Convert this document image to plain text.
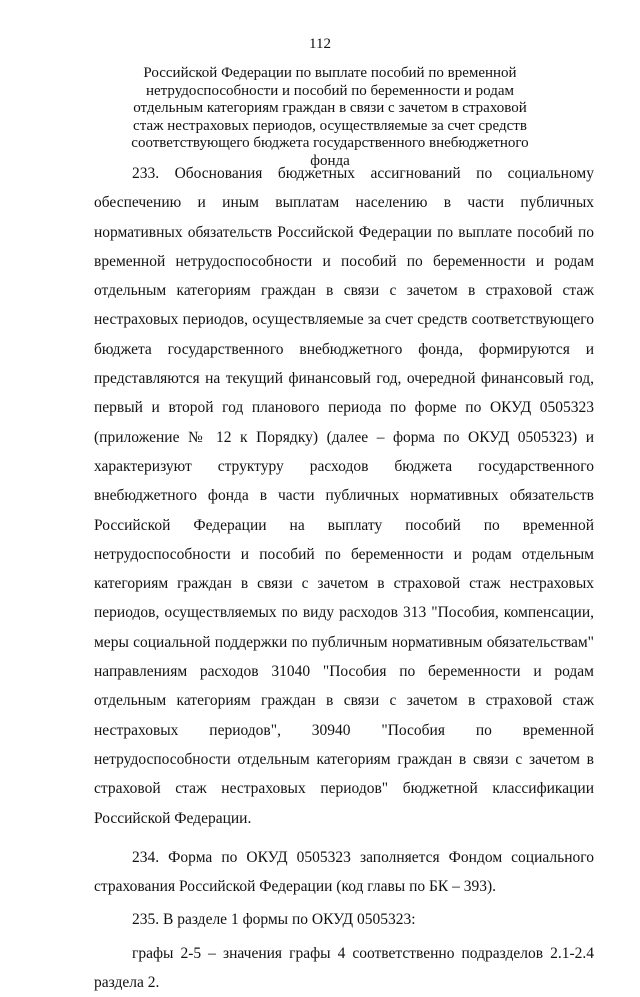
112

Российской Федерации по выплате пособий по временной нетрудоспособности и пособий по беременности и родам отдельным категориям граждан в связи с зачетом в страховой стаж нестраховых периодов, осуществляемые за счет средств соответствующего бюджета государственного внебюджетного фонда

233. Обоснования бюджетных ассигнований по социальному обеспечению и иным выплатам населению в части публичных нормативных обязательств Российской Федерации по выплате пособий по временной нетрудоспособности и пособий по беременности и родам отдельным категориям граждан в связи с зачетом в страховой стаж нестраховых периодов, осуществляемые за счет средств соответствующего бюджета государственного внебюджетного фонда, формируются и представляются на текущий финансовый год, очередной финансовый год, первый и второй год планового периода по форме по ОКУД 0505323 (приложение № 12 к Порядку) (далее – форма по ОКУД 0505323) и характеризуют структуру расходов бюджета государственного внебюджетного фонда в части публичных нормативных обязательств Российской Федерации на выплату пособий по временной нетрудоспособности и пособий по беременности и родам отдельным категориям граждан в связи с зачетом в страховой стаж нестраховых периодов, осуществляемых по виду расходов 313 "Пособия, компенсации, меры социальной поддержки по публичным нормативным обязательствам" направлениям расходов 31040 "Пособия по беременности и родам отдельным категориям граждан в связи с зачетом в страховой стаж нестраховых периодов", 30940 "Пособия по временной нетрудоспособности отдельным категориям граждан в связи с зачетом в страховой стаж нестраховых периодов" бюджетной классификации Российской Федерации.

234. Форма по ОКУД 0505323 заполняется Фондом социального страхования Российской Федерации (код главы по БК – 393).

235. В разделе 1 формы по ОКУД 0505323:

графы 2-5 – значения графы 4 соответственно подразделов 2.1-2.4 раздела 2.
